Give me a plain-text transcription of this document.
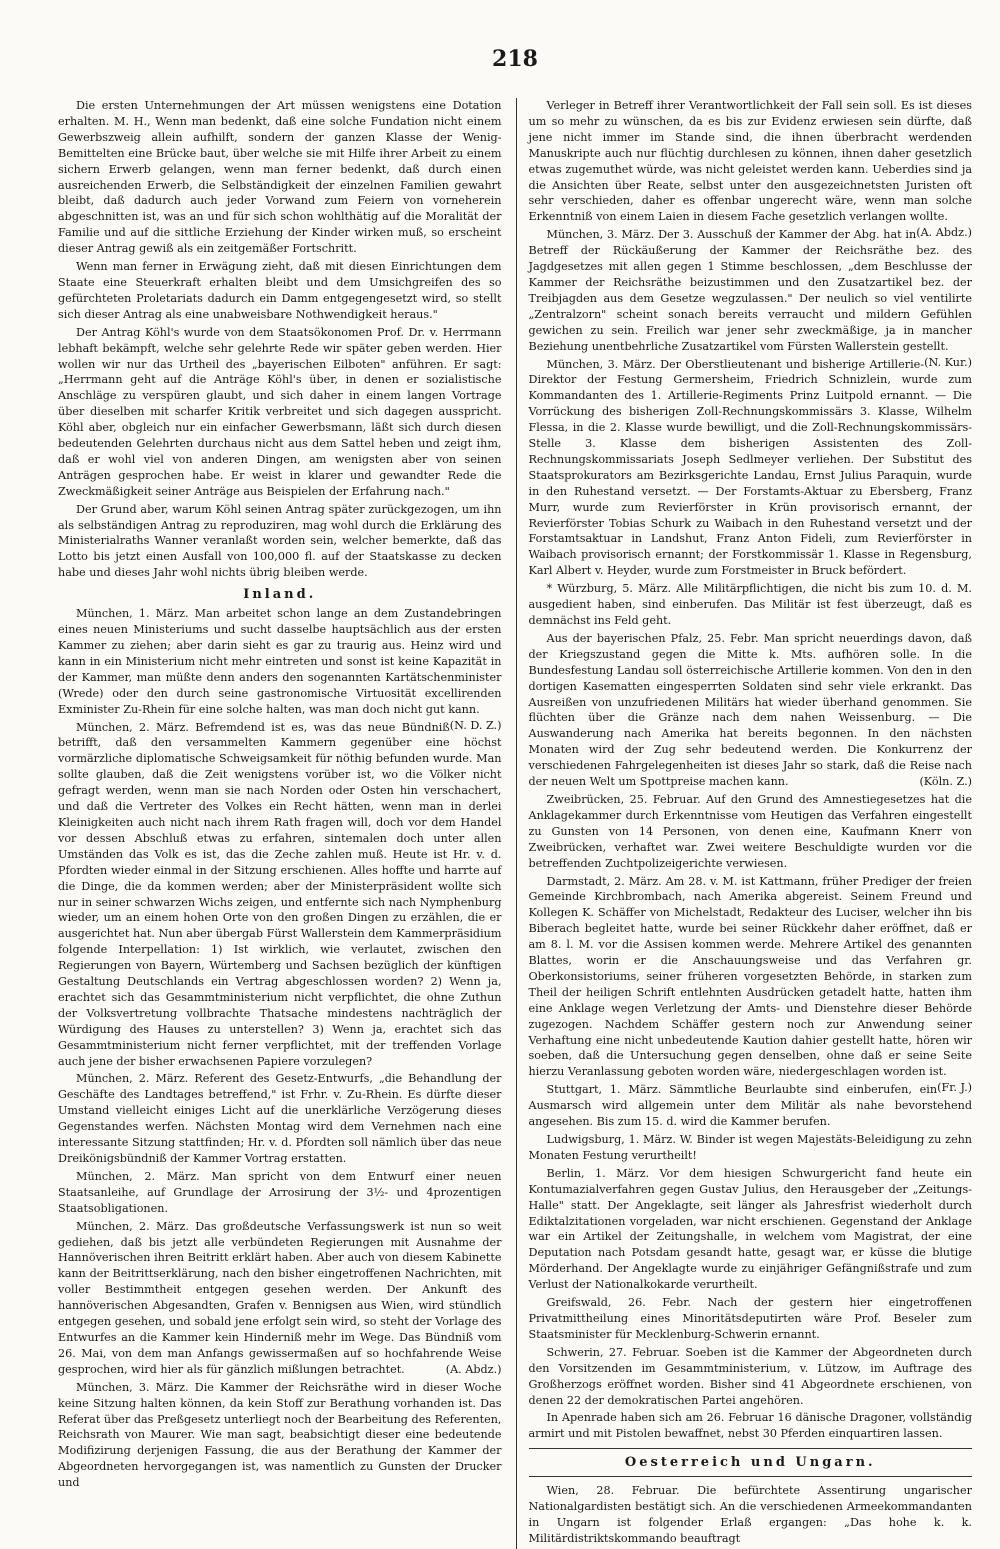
218

Die ersten Unternehmungen der Art müssen wenigstens eine Dotation erhalten. M. H., Wenn man bedenkt, daß eine solche Fundation nicht einem Gewerbszweig allein aufhilft, sondern der ganzen Klasse der Wenig-Bemittelten eine Brücke baut, über welche sie mit Hilfe ihrer Arbeit zu einem sichern Erwerb gelangen, wenn man ferner bedenkt, daß durch einen ausreichenden Erwerb, die Selbständigkeit der einzelnen Familien gewahrt bleibt, daß dadurch auch jeder Vorwand zum Feiern von vorneherein abgeschnitten ist, was an und für sich schon wohlthätig auf die Moralität der Familie und auf die sittliche Erziehung der Kinder wirken muß, so erscheint dieser Antrag gewiß als ein zeitgemäßer Fortschritt.

Wenn man ferner in Erwägung zieht, daß mit diesen Einrichtungen dem Staate eine Steuerkraft erhalten bleibt und dem Umsichgreifen des so gefürchteten Proletariats dadurch ein Damm entgegengesetzt wird, so stellt sich dieser Antrag als eine unabweisbare Nothwendigkeit heraus."

Der Antrag Köhl's wurde von dem Staatsökonomen Prof. Dr. v. Herrmann lebhaft bekämpft, welche sehr gelehrte Rede wir später geben werden. Hier wollen wir nur das Urtheil des „bayerischen Eilboten" anführen. Er sagt: „Herrmann geht auf die Anträge Köhl's über, in denen er sozialistische Anschläge zu verspüren glaubt, und sich daher in einem langen Vortrage über dieselben mit scharfer Kritik verbreitet und sich dagegen ausspricht. Köhl aber, obgleich nur ein einfacher Gewerbsmann, läßt sich durch diesen bedeutenden Gelehrten durchaus nicht aus dem Sattel heben und zeigt ihm, daß er wohl viel von anderen Dingen, am wenigsten aber von seinen Anträgen gesprochen habe. Er weist in klarer und gewandter Rede die Zweckmäßigkeit seiner Anträge aus Beispielen der Erfahrung nach."

Der Grund aber, warum Köhl seinen Antrag später zurückgezogen, um ihn als selbständigen Antrag zu reproduziren, mag wohl durch die Erklärung des Ministerialraths Wanner veranlaßt worden sein, welcher bemerkte, daß das Lotto bis jetzt einen Ausfall von 100,000 fl. auf der Staatskasse zu decken habe und dieses Jahr wohl nichts übrig bleiben werde.

Inland.

München, 1. März. Man arbeitet schon lange an dem Zustandebringen eines neuen Ministeriums und sucht dasselbe hauptsächlich aus der ersten Kammer zu ziehen; aber darin sieht es gar zu traurig aus. Heinz wird und kann in ein Ministerium nicht mehr eintreten und sonst ist keine Kapazität in der Kammer, man müßte denn anders den sogenannten Kartätschenminister (Wrede) oder den durch seine gastronomische Virtuosität excellirenden Exminister Zu-Rhein für eine solche halten, was man doch nicht gut kann.
(N. D. Z.)

München, 2. März. Befremdend ist es, was das neue Bündniß betrifft, daß den versammelten Kammern gegenüber eine höchst vormärzliche diplomatische Schweigsamkeit für nöthig befunden wurde. Man sollte glauben, daß die Zeit wenigstens vorüber ist, wo die Völker nicht gefragt werden, wenn man sie nach Norden oder Osten hin verschachert, und daß die Vertreter des Volkes ein Recht hätten, wenn man in derlei Kleinigkeiten auch nicht nach ihrem Rath fragen will, doch vor dem Handel vor dessen Abschluß etwas zu erfahren, sintemalen doch unter allen Umständen das Volk es ist, das die Zeche zahlen muß. Heute ist Hr. v. d. Pfordten wieder einmal in der Sitzung erschienen. Alles hoffte und harrte auf die Dinge, die da kommen werden; aber der Ministerpräsident wollte sich nur in seiner schwarzen Wichs zeigen, und entfernte sich nach Nymphenburg wieder, um an einem hohen Orte von den großen Dingen zu erzählen, die er ausgerichtet hat. Nun aber übergab Fürst Wallerstein dem Kammerpräsidium folgende Interpellation: 1) Ist wirklich, wie verlautet, zwischen den Regierungen von Bayern, Würtemberg und Sachsen bezüglich der künftigen Gestaltung Deutschlands ein Vertrag abgeschlossen worden? 2) Wenn ja, erachtet sich das Gesammtministerium nicht verpflichtet, die ohne Zuthun der Volksvertretung vollbrachte Thatsache mindestens nachträglich der Würdigung des Hauses zu unterstellen? 3) Wenn ja, erachtet sich das Gesammtministerium nicht ferner verpflichtet, mit der treffenden Vorlage auch jene der bisher erwachsenen Papiere vorzulegen?

München, 2. März. Referent des Gesetz-Entwurfs, „die Behandlung der Geschäfte des Landtages betreffend," ist Frhr. v. Zu-Rhein. Es dürfte dieser Umstand vielleicht einiges Licht auf die unerklärliche Verzögerung dieses Gegenstandes werfen. Nächsten Montag wird dem Vernehmen nach eine interessante Sitzung stattfinden; Hr. v. d. Pfordten soll nämlich über das neue Dreikönigsbündniß der Kammer Vortrag erstatten.

München, 2. März. Man spricht von dem Entwurf einer neuen Staatsanleihe, auf Grundlage der Arrosirung der 3½- und 4prozentigen Staatsobligationen.

München, 2. März. Das großdeutsche Verfassungswerk ist nun so weit gediehen, daß bis jetzt alle verbündeten Regierungen mit Ausnahme der Hannöverischen ihren Beitritt erklärt haben. Aber auch von diesem Kabinette kann der Beitrittserklärung, nach den bisher eingetroffenen Nachrichten, mit voller Bestimmtheit entgegen gesehen werden. Der Ankunft des hannöverischen Abgesandten, Grafen v. Bennigsen aus Wien, wird stündlich entgegen gesehen, und sobald jene erfolgt sein wird, so steht der Vorlage des Entwurfes an die Kammer kein Hinderniß mehr im Wege. Das Bündniß vom 26. Mai, von dem man Anfangs gewissermaßen auf so hochfahrende Weise gesprochen, wird hier als für gänzlich mißlungen betrachtet.	(A. Abdz.)

München, 3. März. Die Kammer der Reichsräthe wird in dieser Woche keine Sitzung halten können, da kein Stoff zur Berathung vorhanden ist. Das Referat über das Preßgesetz unterliegt noch der Bearbeitung des Referenten, Reichsrath von Maurer. Wie man sagt, beabsichtigt dieser eine bedeutende Modifizirung derjenigen Fassung, die aus der Berathung der Kammer der Abgeordneten hervorgegangen ist, was namentlich zu Gunsten der Drucker und

Verleger in Betreff ihrer Verantwortlichkeit der Fall sein soll. Es ist dieses um so mehr zu wünschen, da es bis zur Evidenz erwiesen sein dürfte, daß jene nicht immer im Stande sind, die ihnen überbracht werdenden Manuskripte auch nur flüchtig durchlesen zu können, ihnen daher gesetzlich etwas zugemuthet würde, was nicht geleistet werden kann. Ueberdies sind ja die Ansichten über Reate, selbst unter den ausgezeichnetsten Juristen oft sehr verschieden, daher es offenbar ungerecht wäre, wenn man solche Erkenntniß von einem Laien in diesem Fache gesetzlich verlangen wollte.
(A. Abdz.)

München, 3. März. Der 3. Ausschuß der Kammer der Abg. hat in Betreff der Rückäußerung der Kammer der Reichsräthe bez. des Jagdgesetzes mit allen gegen 1 Stimme beschlossen, „dem Beschlusse der Kammer der Reichsräthe beizustimmen und den Zusatzartikel bez. der Treibjagden aus dem Gesetze wegzulassen." Der neulich so viel ventilirte „Zentralzorn" scheint sonach bereits verraucht und mildern Gefühlen gewichen zu sein. Freilich war jener sehr zweckmäßige, ja in mancher Beziehung unentbehrliche Zusatzartikel vom Fürsten Wallerstein gestellt.
(N. Kur.)

München, 3. März. Der Oberstlieutenant und bisherige Artillerie-Direktor der Festung Germersheim, Friedrich Schnizlein, wurde zum Kommandanten des 1. Artillerie-Regiments Prinz Luitpold ernannt. — Die Vorrückung des bisherigen Zoll-Rechnungskommissärs 3. Klasse, Wilhelm Flessa, in die 2. Klasse wurde bewilligt, und die Zoll-Rechnungskommissärs-Stelle 3. Klasse dem bisherigen Assistenten des Zoll-Rechnungskommissariats Joseph Sedlmeyer verliehen. Der Substitut des Staatsprokurators am Bezirksgerichte Landau, Ernst Julius Paraquin, wurde in den Ruhestand versetzt. — Der Forstamts-Aktuar zu Ebersberg, Franz Murr, wurde zum Revierförster in Krün provisorisch ernannt, der Revierförster Tobias Schurk zu Waibach in den Ruhestand versetzt und der Forstamtsaktuar in Landshut, Franz Anton Fideli, zum Revierförster in Waibach provisorisch ernannt; der Forstkommissär 1. Klasse in Regensburg, Karl Albert v. Heyder, wurde zum Forstmeister in Bruck befördert.

* Würzburg, 5. März. Alle Militärpflichtigen, die nicht bis zum 10. d. M. ausgedient haben, sind einberufen. Das Militär ist fest überzeugt, daß es demnächst ins Feld geht.

Aus der bayerischen Pfalz, 25. Febr. Man spricht neuerdings davon, daß der Kriegszustand gegen die Mitte k. Mts. aufhören solle. In die Bundesfestung Landau soll österreichische Artillerie kommen. Von den in den dortigen Kasematten eingesperrten Soldaten sind sehr viele erkrankt. Das Ausreißen von unzufriedenen Militärs hat wieder überhand genommen. Sie flüchten über die Gränze nach dem nahen Weissenburg. — Die Auswanderung nach Amerika hat bereits begonnen. In den nächsten Monaten wird der Zug sehr bedeutend werden. Die Konkurrenz der verschiedenen Fahrgelegenheiten ist dieses Jahr so stark, daß die Reise nach der neuen Welt um Spottpreise machen kann.	(Köln. Z.)

Zweibrücken, 25. Februar. Auf den Grund des Amnestiegesetzes hat die Anklagekammer durch Erkenntnisse vom Heutigen das Verfahren eingestellt zu Gunsten von 14 Personen, von denen eine, Kaufmann Knerr von Zweibrücken, verhaftet war. Zwei weitere Beschuldigte wurden vor die betreffenden Zuchtpolizeigerichte verwiesen.

Darmstadt, 2. März. Am 28. v. M. ist Kattmann, früher Prediger der freien Gemeinde Kirchbrombach, nach Amerika abgereist. Seinem Freund und Kollegen K. Schäffer von Michelstadt, Redakteur des Luciser, welcher ihn bis Biberach begleitet hatte, wurde bei seiner Rückkehr daher eröffnet, daß er am 8. l. M. vor die Assisen kommen werde. Mehrere Artikel des genannten Blattes, worin er die Anschauungsweise und das Verfahren gr. Oberkonsistoriums, seiner früheren vorgesetzten Behörde, in starken zum Theil der heiligen Schrift entlehnten Ausdrücken getadelt hatte, hatten ihm eine Anklage wegen Verletzung der Amts- und Dienstehre dieser Behörde zugezogen. Nachdem Schäffer gestern noch zur Anwendung seiner Verhaftung eine nicht unbedeutende Kaution dahier gestellt hatte, hören wir soeben, daß die Untersuchung gegen denselben, ohne daß er seine Seite hierzu Veranlassung geboten worden wäre, niedergeschlagen worden ist.
(Fr. J.)

Stuttgart, 1. März. Sämmtliche Beurlaubte sind einberufen, ein Ausmarsch wird allgemein unter dem Militär als nahe bevorstehend angesehen. Bis zum 15. d. wird die Kammer berufen.

Ludwigsburg, 1. März. W. Binder ist wegen Majestäts-Beleidigung zu zehn Monaten Festung verurtheilt!

Berlin, 1. März. Vor dem hiesigen Schwurgericht fand heute ein Kontumazialverfahren gegen Gustav Julius, den Herausgeber der „Zeitungs-Halle" statt. Der Angeklagte, seit länger als Jahresfrist wiederholt durch Ediktalzitationen vorgeladen, war nicht erschienen. Gegenstand der Anklage war ein Artikel der Zeitungshalle, in welchem vom Magistrat, der eine Deputation nach Potsdam gesandt hatte, gesagt war, er küsse die blutige Mörderhand. Der Angeklagte wurde zu einjähriger Gefängnißstrafe und zum Verlust der Nationalkokarde verurtheilt.

Greifswald, 26. Febr. Nach der gestern hier eingetroffenen Privatmittheilung eines Minoritätsdeputirten wäre Prof. Beseler zum Staatsminister für Mecklenburg-Schwerin ernannt.

Schwerin, 27. Februar. Soeben ist die Kammer der Abgeordneten durch den Vorsitzenden im Gesammtministerium, v. Lützow, im Auftrage des Großherzogs eröffnet worden. Bisher sind 41 Abgeordnete erschienen, von denen 22 der demokratischen Partei angehören.

In Apenrade haben sich am 26. Februar 16 dänische Dragoner, vollständig armirt und mit Pistolen bewaffnet, nebst 30 Pferden einquartiren lassen.

Oesterreich und Ungarn.

Wien, 28. Februar. Die befürchtete Assentirung ungarischer Nationalgardisten bestätigt sich. An die verschiedenen Armeekommandanten in Ungarn ist folgender Erlaß ergangen: „Das hohe k. k. Militärdistriktskommando beauftragt
